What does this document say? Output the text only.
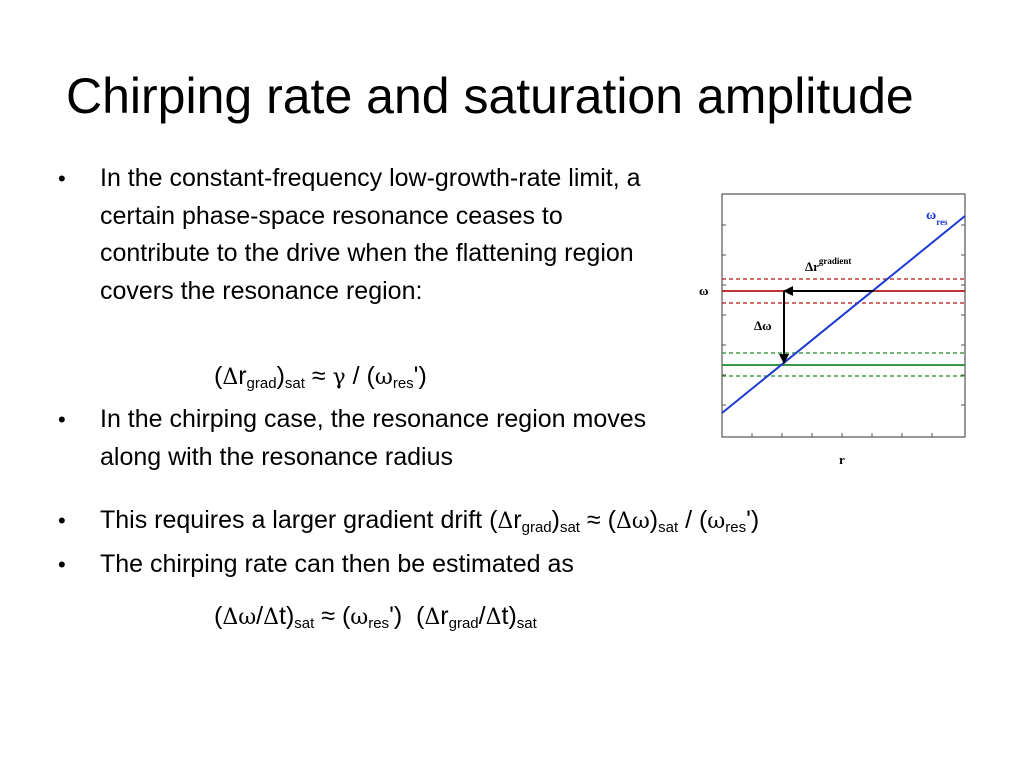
Chirping rate and saturation amplitude
• In the constant-frequency low-growth-rate limit, a certain phase-space resonance ceases to contribute to the drive when the flattening region covers the resonance region:
$(\Delta r_{grad})_{sat} \approx \gamma / (\omega_{res}')$
• In the chirping case, the resonance region moves along with the resonance radius
• This requires a larger gradient drift $(\Delta r_{grad})_{sat} \approx (\Delta\omega)_{sat} / (\omega_{res}')$
• The chirping rate can then be estimated as
$(\Delta\omega/\Delta t)_{sat} \approx (\omega_{res}')$  $(\Delta r_{grad}/\Delta t)_{sat}$
$\omega_{res}$
$\Delta r^{gradient}$
ω
Δω
r
